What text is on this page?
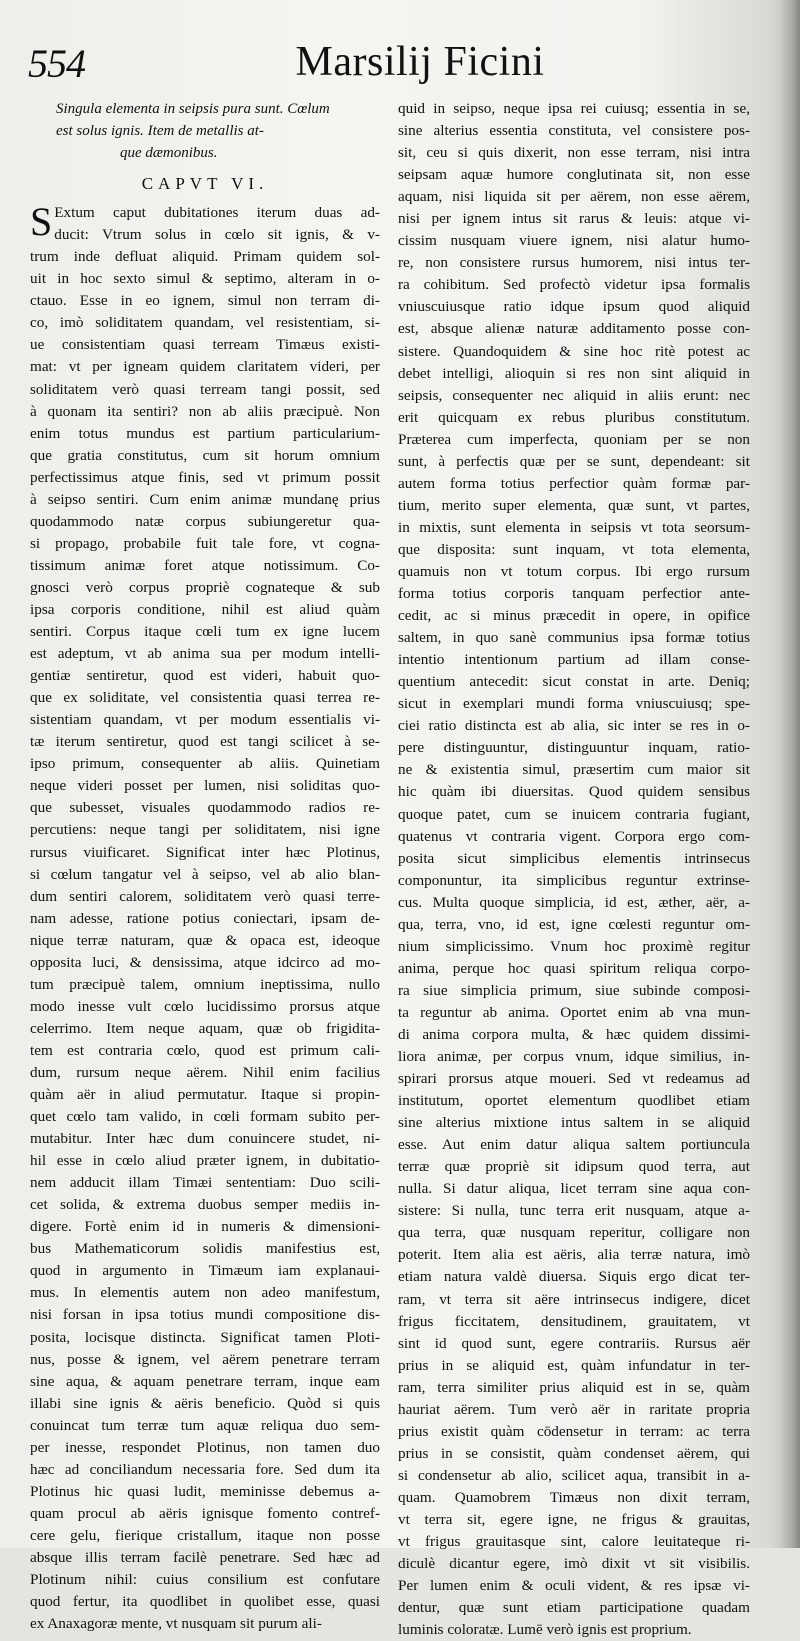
554	Marsilij Ficini
Singula elementa in seipsis pura sunt. Cœlum
est solus ignis. Item de metallis at-
que dæmonibus.
CAPVT VI.
S Extum caput dubitationes iterum duas ad-
ducit: Vtrum solus in cœlo sit ignis, & v-
trum inde defluat aliquid. Primam quidem sol-
uit in hoc sexto simul & septimo, alteram in o-
ctauo. Esse in eo ignem, simul non terram di-
co, imò soliditatem quandam, vel resistentiam, si-
ue consistentiam quasi terream Timæus existi-
mat: vt per igneam quidem claritatem videri, per
soliditatem verò quasi terream tangi possit, sed
à quonam ita sentiri? non ab aliis præcipuè. Non
enim totus mundus est partium particularium-
que gratia constitutus, cum sit horum omnium
perfectissimus atque finis, sed vt primum possit
à seipso sentiri. Cum enim animæ mundanę prius
quodammodo natæ corpus subiungeretur qua-
si propago, probabile fuit tale fore, vt cogna-
tissimum animæ foret atque notissimum. Co-
gnosci verò corpus propriè cognateque & sub
ipsa corporis conditione, nihil est aliud quàm
sentiri. Corpus itaque cœli tum ex igne lucem
est adeptum, vt ab anima sua per modum intelli-
gentiæ sentiretur, quod est videri, habuit quo-
que ex soliditate, vel consistentia quasi terrea re-
sistentiam quandam, vt per modum essentialis vi-
tæ iterum sentiretur, quod est tangi scilicet à se-
ipso primum, consequenter ab aliis. Quinetiam
neque videri posset per lumen, nisi soliditas quo-
que subesset, visuales quodammodo radios re-
percutiens: neque tangi per soliditatem, nisi igne
rursus viuificaret. Significat inter hæc Plotinus,
si cœlum tangatur vel à seipso, vel ab alio blan-
dum sentiri calorem, soliditatem verò quasi terre-
nam adesse, ratione potius coniectari, ipsam de-
nique terræ naturam, quæ & opaca est, ideoque
opposita luci, & densissima, atque idcirco ad mo-
tum præcipuè talem, omnium ineptissima, nullo
modo inesse vult cœlo lucidissimo prorsus atque
celerrimo. Item neque aquam, quæ ob frigidita-
tem est contraria cœlo, quod est primum cali-
dum, rursum neque aërem. Nihil enim facilius
quàm aër in aliud permutatur. Itaque si propin-
quet cœlo tam valido, in cœli formam subito per-
mutabitur. Inter hæc dum conuincere studet, ni-
hil esse in cœlo aliud præter ignem, in dubitatio-
nem adducit illam Timæi sententiam: Duo scili-
cet solida, & extrema duobus semper mediis in-
digere. Fortè enim id in numeris & dimensioni-
bus Mathematicorum solidis manifestius est,
quod in argumento in Timæum iam explanaui-
mus. In elementis autem non adeo manifestum,
nisi forsan in ipsa totius mundi compositione dis-
posita, locisque distincta. Significat tamen Ploti-
nus, posse & ignem, vel aërem penetrare terram
sine aqua, & aquam penetrare terram, inque eam
illabi sine ignis & aëris beneficio. Quòd si quis
conuincat tum terræ tum aquæ reliqua duo sem-
per inesse, respondet Plotinus, non tamen duo
hæc ad conciliandum necessaria fore. Sed dum ita
Plotinus hic quasi ludit, meminisse debemus a-
quam procul ab aëris ignisque fomento contref-
cere gelu, fierique cristallum, itaque non posse
absque illis terram facilè penetrare. Sed hæc ad
Plotinum nihil: cuius consilium est confutare
quod fertur, ita quodlibet in quolibet esse, quasi
ex Anaxagoræ mente, vt nusquam sit purum ali-
quid in seipso, neque ipsa rei cuiusq; essentia in se,
sine alterius essentia constituta, vel consistere pos-
sit, ceu si quis dixerit, non esse terram, nisi intra
seipsam aquæ humore conglutinata sit, non esse
aquam, nisi liquida sit per aërem, non esse aërem,
nisi per ignem intus sit rarus & leuis: atque vi-
cissim nusquam viuere ignem, nisi alatur humo-
re, non consistere rursus humorem, nisi intus ter-
ra cohibitum. Sed profectò videtur ipsa formalis
vniuscuiusque ratio idque ipsum quod aliquid
est, absque alienæ naturæ additamento posse con-
sistere. Quandoquidem & sine hoc ritè potest ac
debet intelligi, alioquin si res non sint aliquid in
seipsis, consequenter nec aliquid in aliis erunt: nec
erit quicquam ex rebus pluribus constitutum.
Præterea cum imperfecta, quoniam per se non
sunt, à perfectis quæ per se sunt, dependeant: sit
autem forma totius perfectior quàm formæ par-
tium, merito super elementa, quæ sunt, vt partes,
in mixtis, sunt elementa in seipsis vt tota seorsum-
que disposita: sunt inquam, vt tota elementa,
quamuis non vt totum corpus. Ibi ergo rursum
forma totius corporis tanquam perfectior ante-
cedit, ac si minus præcedit in opere, in opifice
saltem, in quo sanè communius ipsa formæ totius
intentio intentionum partium ad illam conse-
quentium antecedit: sicut constat in arte. Deniq;
sicut in exemplari mundi forma vniuscuiusq; spe-
ciei ratio distincta est ab alia, sic inter se res in o-
pere distinguuntur, distinguuntur inquam, ratio-
ne & existentia simul, præsertim cum maior sit
hic quàm ibi diuersitas. Quod quidem sensibus
quoque patet, cum se inuicem contraria fugiant,
quatenus vt contraria vigent. Corpora ergo com-
posita sicut simplicibus elementis intrinsecus
componuntur, ita simplicibus reguntur extrinse-
cus. Multa quoque simplicia, id est, æther, aër, a-
qua, terra, vno, id est, igne cœlesti reguntur om-
nium simplicissimo. Vnum hoc proximè regitur
anima, perque hoc quasi spiritum reliqua corpo-
ra siue simplicia primum, siue subinde composi-
ta reguntur ab anima. Oportet enim ab vna mun-
di anima corpora multa, & hæc quidem dissimi-
liora animæ, per corpus vnum, idque similius, in-
spirari prorsus atque moueri. Sed vt redeamus ad
institutum, oportet elementum quodlibet etiam
sine alterius mixtione intus saltem in se aliquid
esse. Aut enim datur aliqua saltem portiuncula
terræ quæ propriè sit idipsum quod terra, aut
nulla. Si datur aliqua, licet terram sine aqua con-
sistere: Si nulla, tunc terra erit nusquam, atque a-
qua terra, quæ nusquam reperitur, colligare non
poterit. Item alia est aëris, alia terræ natura, imò
etiam natura valdè diuersa. Siquis ergo dicat ter-
ram, vt terra sit aëre intrinsecus indigere, dicet
frigus ficcitatem, densitudinem, grauitatem, vt
sint id quod sunt, egere contrariis. Rursus aër
prius in se aliquid est, quàm infundatur in ter-
ram, terra similiter prius aliquid est in se, quàm
hauriat aërem. Tum verò aër in raritate propria
prius existit quàm cōdensetur in terram: ac terra
prius in se consistit, quàm condenset aërem, qui
si condensetur ab alio, scilicet aqua, transibit in a-
quam. Quamobrem Timæus non dixit terram,
vt terra sit, egere igne, ne frigus & grauitas,
vt frigus grauitasque sint, calore leuitateque ri-
diculè dicantur egere, imò dixit vt sit visibilis.
Per lumen enim & oculi vident, & res ipsæ vi-
dentur, quæ sunt etiam participatione quadam
luminis coloratæ. Lumē verò ignis est proprium.
